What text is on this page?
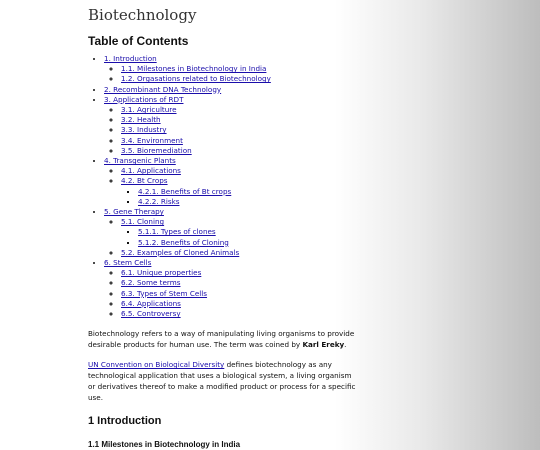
Biotechnology
Table of Contents
• 1. Introduction
◦ 1.1. Milestones in Biotechnology in India
◦ 1.2. Orgasations related to Biotechnology
• 2. Recombinant DNA Technology
• 3. Applications of RDT
◦ 3.1. Agriculture
◦ 3.2. Health
◦ 3.3. Industry
◦ 3.4. Environment
◦ 3.5. Bioremediation
• 4. Transgenic Plants
◦ 4.1. Applications
◦ 4.2. Bt Crops
▪ 4.2.1. Benefits of Bt crops
▪ 4.2.2. Risks
• 5. Gene Therapy
◦ 5.1. Cloning
▪ 5.1.1. Types of clones
▪ 5.1.2. Benefits of Cloning
◦ 5.2. Examples of Cloned Animals
• 6. Stem Cells
◦ 6.1. Unique properties
◦ 6.2. Some terms
◦ 6.3. Types of Stem Cells
◦ 6.4. Applications
◦ 6.5. Controversy

Biotechnology refers to a way of manipulating living organisms to provide desirable products for human use. The term was coined by Karl Ereky.

UN Convention on Biological Diversity defines biotechnology as any technological application that uses a biological system, a living organism or derivatives thereof to make a modified product or process for a specific use.

1 Introduction
1.1 Milestones in Biotechnology in India
